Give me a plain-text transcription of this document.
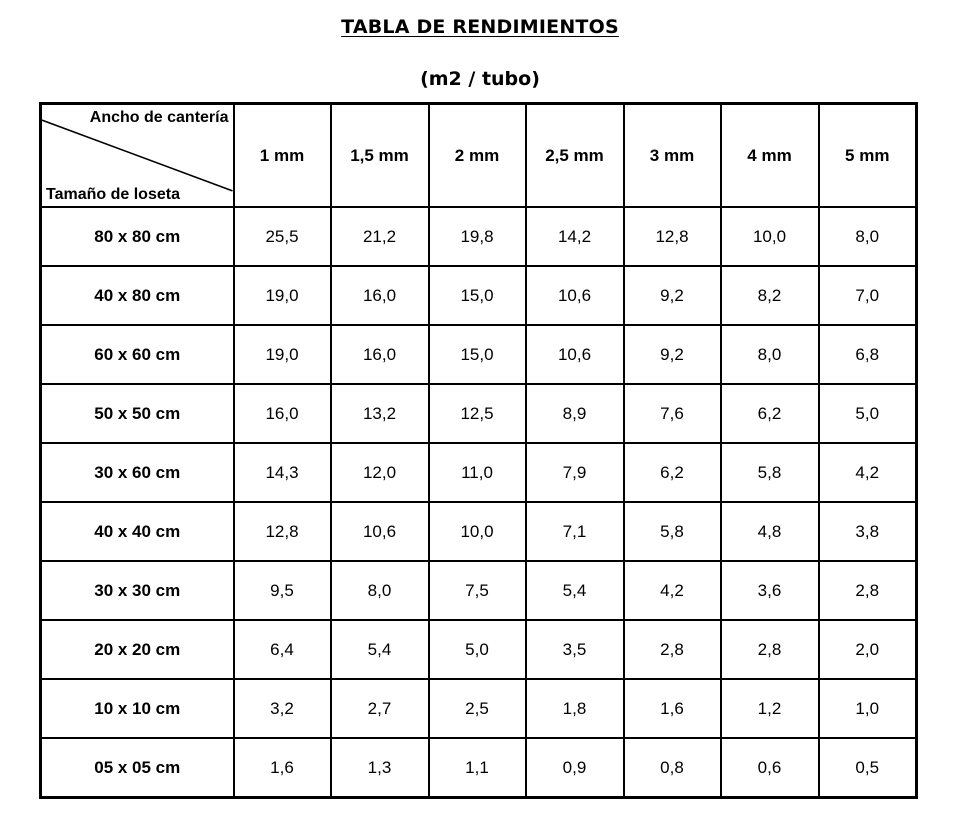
TABLA DE RENDIMIENTOS
(m2 / tubo)
Ancho de cantería
Tamaño de loseta	1 mm	1,5 mm	2 mm	2,5 mm	3 mm	4 mm	5 mm
80 x 80 cm	25,5	21,2	19,8	14,2	12,8	10,0	8,0
40 x 80 cm	19,0	16,0	15,0	10,6	9,2	8,2	7,0
60 x 60 cm	19,0	16,0	15,0	10,6	9,2	8,0	6,8
50 x 50 cm	16,0	13,2	12,5	8,9	7,6	6,2	5,0
30 x 60 cm	14,3	12,0	11,0	7,9	6,2	5,8	4,2
40 x 40 cm	12,8	10,6	10,0	7,1	5,8	4,8	3,8
30 x 30 cm	9,5	8,0	7,5	5,4	4,2	3,6	2,8
20 x 20 cm	6,4	5,4	5,0	3,5	2,8	2,8	2,0
10 x 10 cm	3,2	2,7	2,5	1,8	1,6	1,2	1,0
05 x 05 cm	1,6	1,3	1,1	0,9	0,8	0,6	0,5
